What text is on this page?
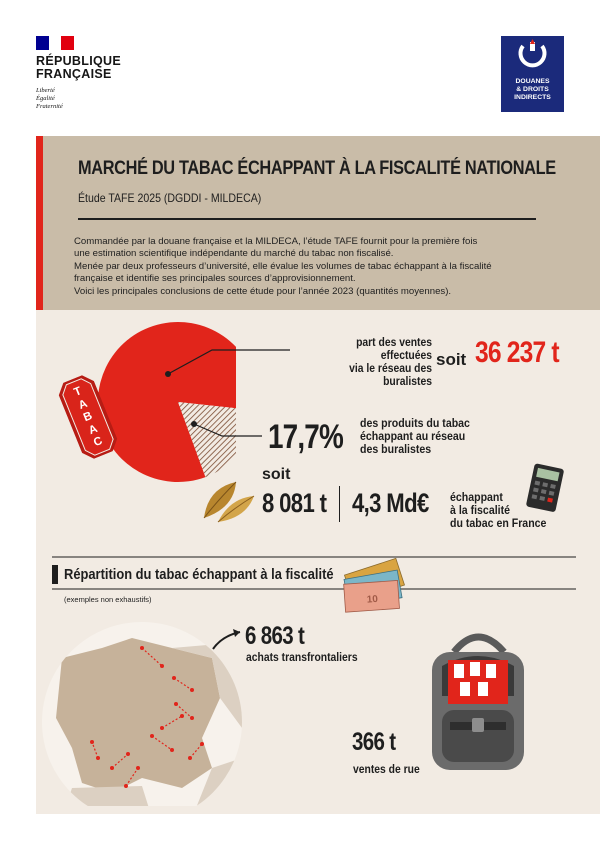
RÉPUBLIQUE
FRANÇAISE
Liberté
Égalité
Fraternité
DOUANES
& DROITS
INDIRECTS
MARCHÉ DU TABAC ÉCHAPPANT À LA FISCALITÉ NATIONALE
Étude TAFE 2025 (DGDDI - MILDECA)
Commandée par la douane française et la MILDECA, l’étude TAFE fournit pour la première fois
une estimation scientifique indépendante du marché du tabac non fiscalisé.
Menée par deux professeurs d’université, elle évalue les volumes de tabac échappant à la fiscalité
française et identifie ses principales sources d’approvisionnement.
Voici les principales conclusions de cette étude pour l’année 2023 (quantités moyennes).
T
A
B
A
C
part des ventes effectuées
via le réseau des buralistes
soit 36 237 t
17,7% des produits du tabac
échappant au réseau
des buralistes
soit
8 081 t 4,3 Md€ échappant
à la fiscalité
du tabac en France
Répartition du tabac échappant à la fiscalité
(exemples non exhaustifs)	10
6 863 t
achats transfrontaliers
366 t
ventes de rue
